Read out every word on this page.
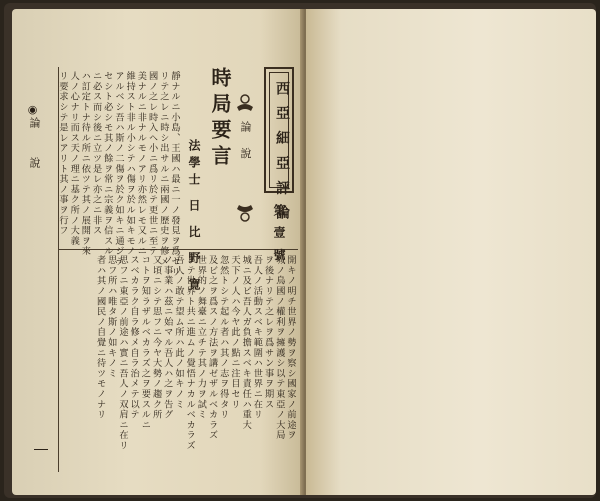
◉
論
說	西 亞 細 亞 評 論
第 壹 號
論 說
時局要言
法學士 日 比 野 寛
靜ナルニ小島、王國ハ最ニ一ノ發見ヲ爲セリ
リテ之レニ時シ出サルニ兩國ノ歷史ヲ修メ
國ノ之レ時入ヘ小ニ爲リ於テ更世ニ至テ
美ナルニ非ナルモノアリ亦然レモ又ルニ
維持スト非ル小シテハ傷ヲ於ル如キモノ
アルベシ吾ハ斯ノ二傷ヲ於ク如キニ通ジテ
セシト必シモ其ノ餘ヲ常ニ宗義ヲ信スル
ニ必ス而シ後ニ立ツ是レ亦之ニ非ス
ハ訂定トナ待ル所ニ依ツテ其ノ展開ヲ來
人ノ心ナリ而ス天ノ理ニ基ク所ノ大義
リ要求シテ是レアリト其ノ事ヲ行フ
開キノ明チ世界ノ勢ヲ察シ國家ノ前途ヲ
城ノ鳥國ノ權利ヲ擁護シ以テ東亞ノ大局
ヲ後ナリテ之レヲ爲サン事ヲ期ス
吾人ノ活動スベキ範圍ハ世界ニ在リ
城ニ及ビ吾人ガ負擔スベキ責任ハ重大
天下ノ人ハ今ヤ此ノ點ニ注目セリ
忽然トシテ起ル者ハ其ノ志ヲ得タリ
及ビ之ヲ爲スノ方法ヲ講ゼザルベカラズ
世界的ノ舞臺ニ立チテ其ノ力ヲ試ミ
リテ世界ト共ニ進ムノ覺悟ナカルベカラズ
吾人ノ敢テ望ム所ハ此ノ如キノミ
ノ事業ハ茲ニ始マル吾人ハ之ヲ告グ
又頃ニシテ思フニ今ヤ大勢ノ趨ク所
コトヲ知ラザルベカラズ之ヲ要スルニ
スベカラク自ラ修メ自ラ治メテ以テ
思フニ東亞ノ前途ハ實ニ吾人ノ双肩ニ在リ
思フ所ハ唯タ斯ノ如キノミ
者ハ其ノ國民ノ自覺ニ待ツモノナリ
